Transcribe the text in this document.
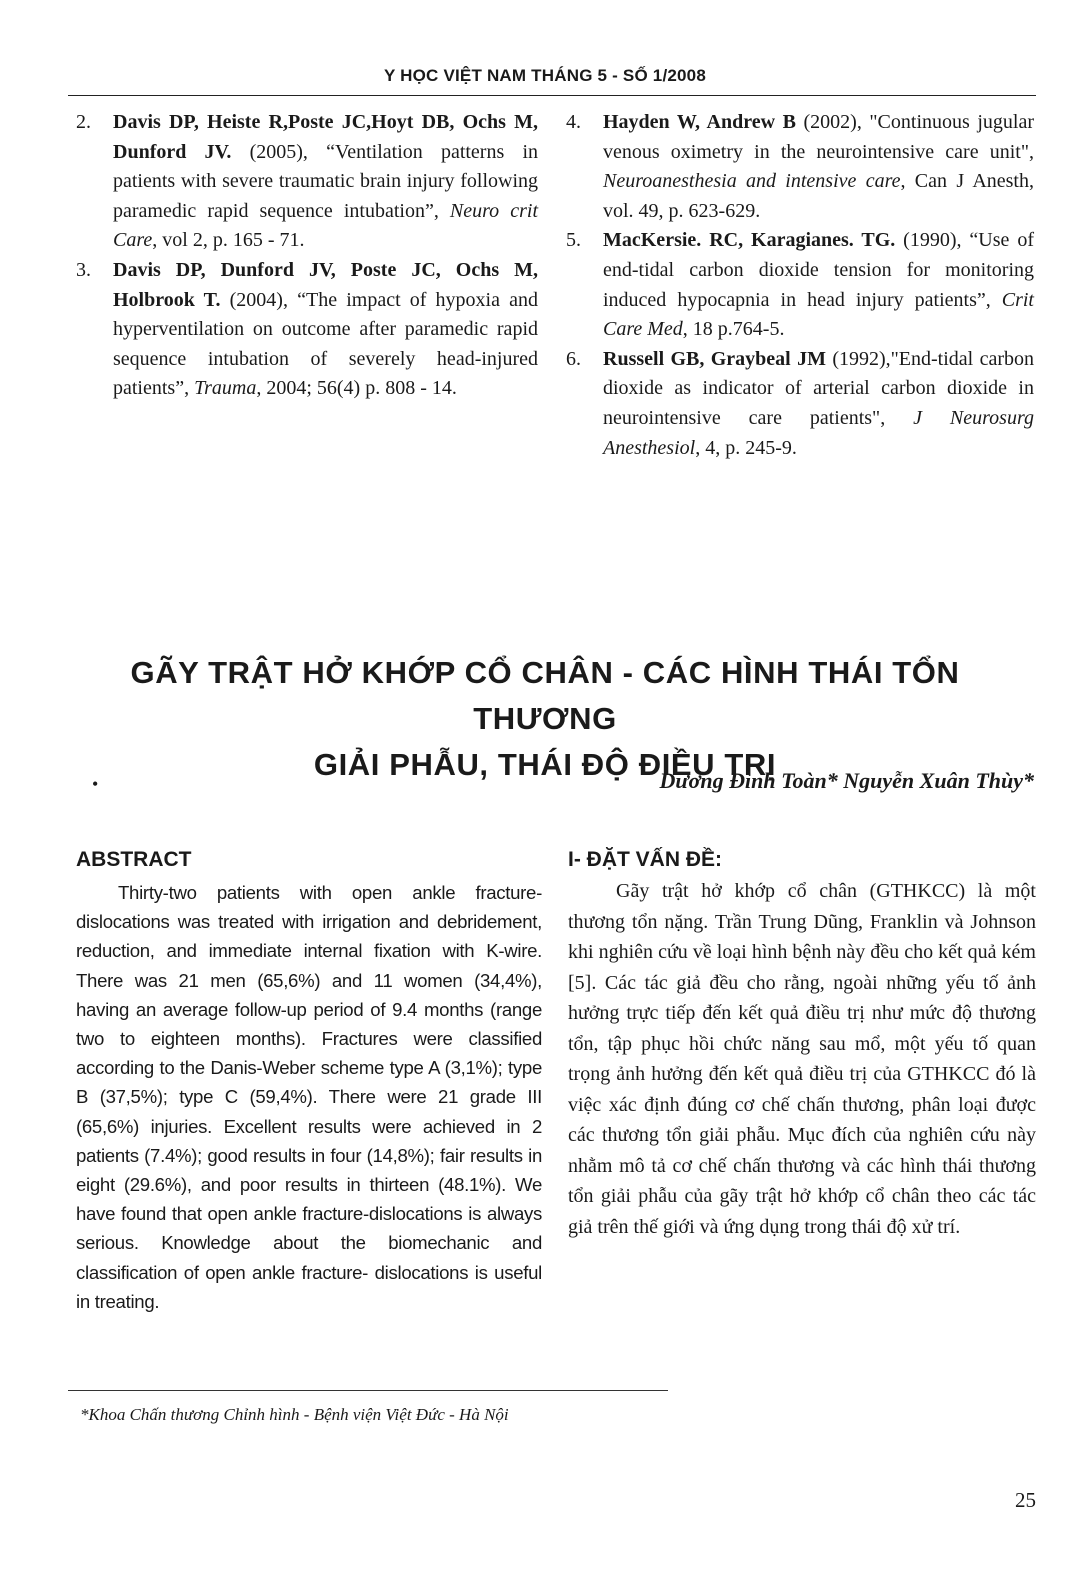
Y HỌC VIỆT NAM THÁNG 5 - SỐ 1/2008
2. Davis DP, Heiste R,Poste JC,Hoyt DB, Ochs M, Dunford JV. (2005), “Ventilation patterns in patients with severe traumatic brain injury following paramedic rapid sequence intubation”, Neuro crit Care, vol 2, p. 165 - 71.
3. Davis DP, Dunford JV, Poste JC, Ochs M, Holbrook T. (2004), “The impact of hypoxia and hyperventilation on outcome after paramedic rapid sequence intubation of severely head-injured patients”, Trauma, 2004; 56(4) p. 808 - 14.
4. Hayden W, Andrew B (2002), "Continuous jugular venous oximetry in the neurointensive care unit", Neuroanesthesia and intensive care, Can J Anesth, vol. 49, p. 623-629.
5. MacKersie. RC, Karagianes. TG. (1990), “Use of end-tidal carbon dioxide tension for monitoring induced hypocapnia in head injury patients”, Crit Care Med, 18 p.764-5.
6. Russell GB, Graybeal JM (1992),"End-tidal carbon dioxide as indicator of arterial carbon dioxide in neurointensive care patients", J Neurosurg Anesthesiol, 4, p. 245-9.
GÃY TRẬT HỞ KHỚP CỔ CHÂN - CÁC HÌNH THÁI TỔN THƯƠNG
GIẢI PHẪU, THÁI ĐỘ ĐIỀU TRỊ
•	Dương Đình Toàn* Nguyễn Xuân Thùy*
ABSTRACT
Thirty-two patients with open ankle fracture-dislocations was treated with irrigation and debridement, reduction, and immediate internal fixation with K-wire. There was 21 men (65,6%) and 11 women (34,4%), having an average follow-up period of 9.4 months (range two to eighteen months). Fractures were classified according to the Danis-Weber scheme type A (3,1%); type B (37,5%); type C (59,4%). There were 21 grade III (65,6%) injuries. Excellent results were achieved in 2 patients (7.4%); good results in four (14,8%); fair results in eight (29.6%), and poor results in thirteen (48.1%). We have found that open ankle fracture-dislocations is always serious. Knowledge about the biomechanic and classification of open ankle fracture- dislocations is useful in treating.
I- ĐẶT VẤN ĐỀ:
Gãy trật hở khớp cổ chân (GTHKCC) là một thương tổn nặng. Trần Trung Dũng, Franklin và Johnson khi nghiên cứu về loại hình bệnh này đều cho kết quả kém [5]. Các tác giả đều cho rằng, ngoài những yếu tố ảnh hưởng trực tiếp đến kết quả điều trị như mức độ thương tổn, tập phục hồi chức năng sau mổ, một yếu tố quan trọng ảnh hưởng đến kết quả điều trị của GTHKCC đó là việc xác định đúng cơ chế chấn thương, phân loại được các thương tổn giải phẫu. Mục đích của nghiên cứu này nhằm mô tả cơ chế chấn thương và các hình thái thương tổn giải phẫu của gãy trật hở khớp cổ chân theo các tác giả trên thế giới và ứng dụng trong thái độ xử trí.
*Khoa Chấn thương Chỉnh hình - Bệnh viện Việt Đức - Hà Nội
25
